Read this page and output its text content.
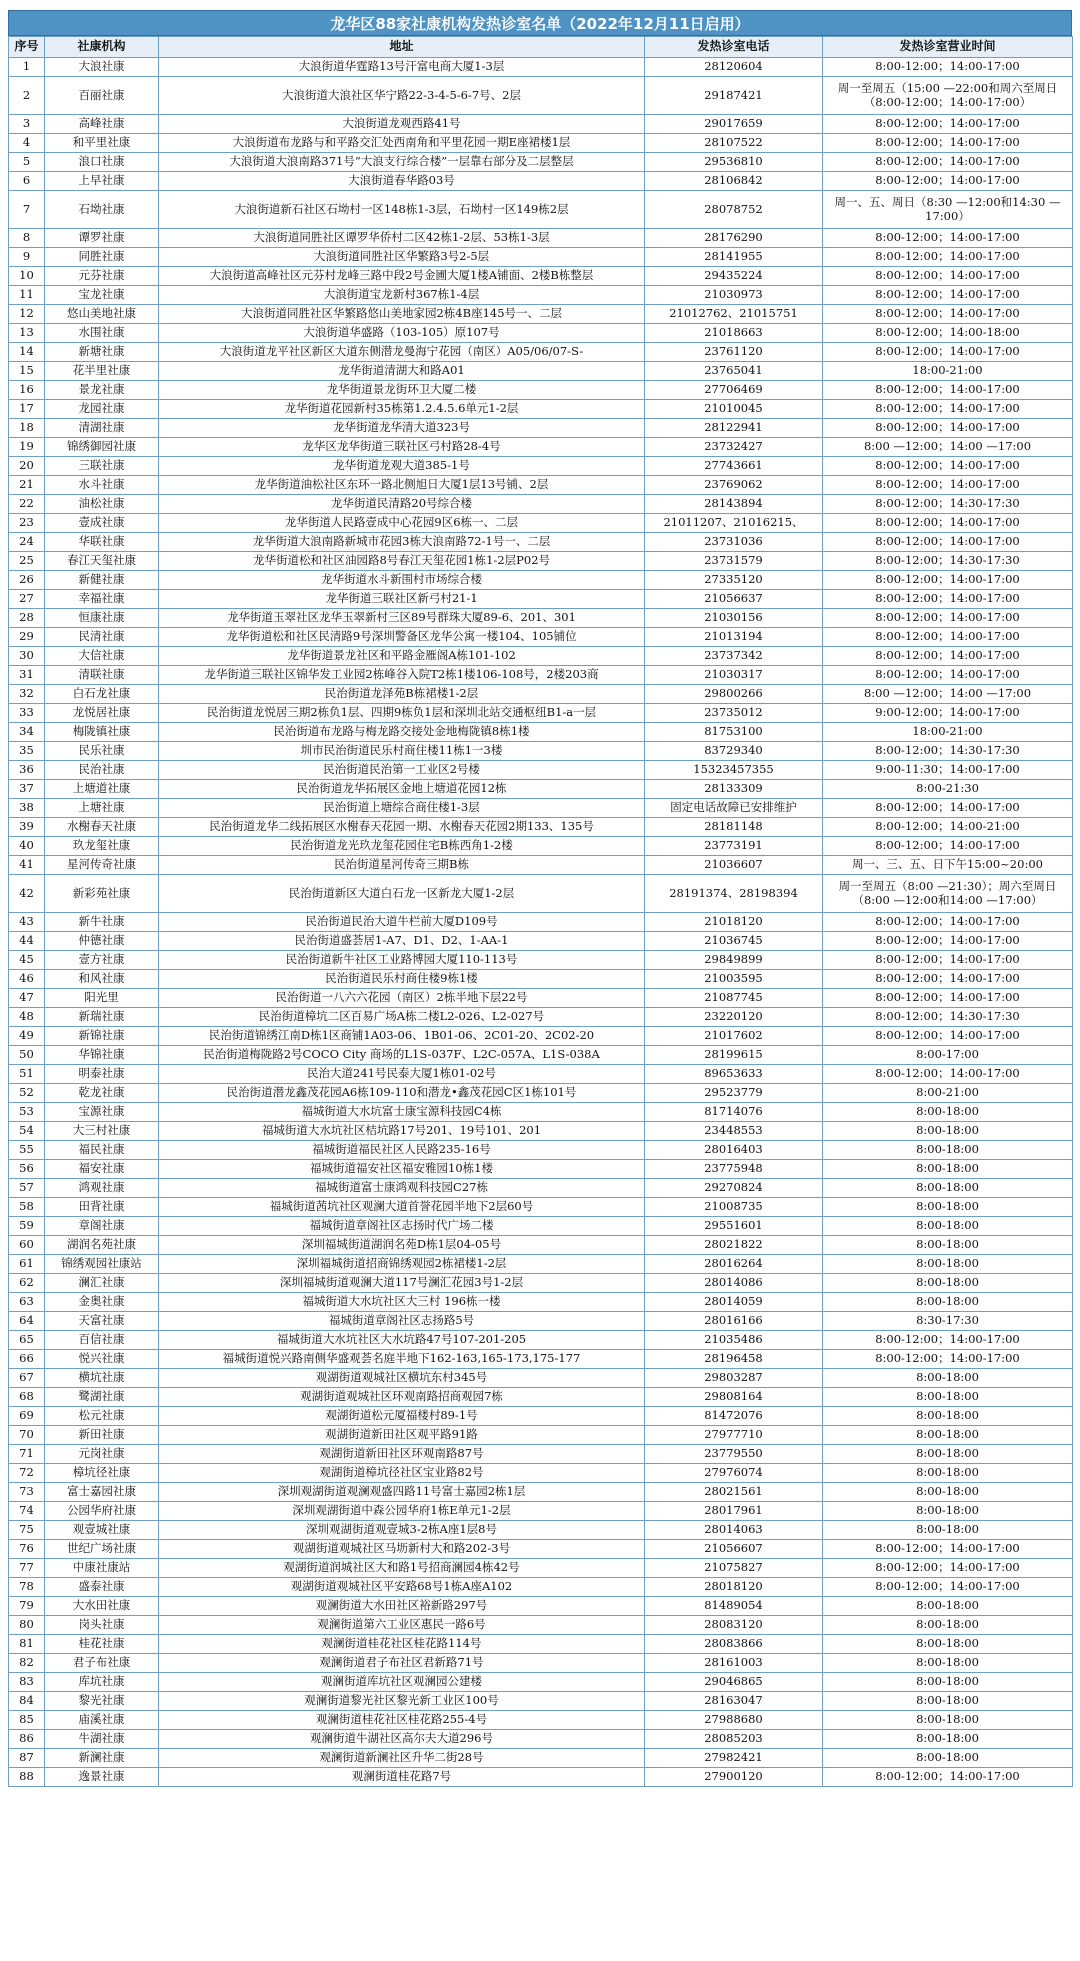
龙华区88家社康机构发热诊室名单（2022年12月11日启用）
序号	社康机构	地址	发热诊室电话	发热诊室营业时间
1	大浪社康	大浪街道华霆路13号汗富电商大厦1-3层	28120604	8:00-12:00；14:00-17:00
2	百丽社康	大浪街道大浪社区华宁路22-3-4-5-6-7号、2层	29187421	周一至周五（15:00 —22:00和周六至周日（8:00-12:00；14:00-17:00）
3	高峰社康	大浪街道龙观西路41号	29017659	8:00-12:00；14:00-17:00
4	和平里社康	大浪街道布龙路与和平路交汇处西南角和平里花园一期E座裙楼1层	28107522	8:00-12:00；14:00-17:00
5	浪口社康	大浪街道大浪南路371号“大浪支行综合楼”一层靠右部分及二层整层	29536810	8:00-12:00；14:00-17:00
6	上早社康	大浪街道春华路03号	28106842	8:00-12:00；14:00-17:00
7	石坳社康	大浪街道新石社区石坳村一区148栋1-3层，石坳村一区149栋2层	28078752	周一、五、周日（8:30 —12:00和14:30 —17:00）
8	谭罗社康	大浪街道同胜社区谭罗华侨村二区42栋1-2层、53栋1-3层	28176290	8:00-12:00；14:00-17:00
9	同胜社康	大浪街道同胜社区华繁路3号2-5层	28141955	8:00-12:00；14:00-17:00
10	元芬社康	大浪街道高峰社区元芬村龙峰三路中段2号金圃大厦1楼A铺面、2楼B栋整层	29435224	8:00-12:00；14:00-17:00
11	宝龙社康	大浪街道宝龙新村367栋1-4层	21030973	8:00-12:00；14:00-17:00
12	悠山美地社康	大浪街道同胜社区华繁路悠山美地家园2栋4B座145号一、二层	21012762、21015751	8:00-12:00；14:00-17:00
13	水围社康	大浪街道华盛路（103-105）原107号	21018663	8:00-12:00；14:00-18:00
14	新塘社康	大浪街道龙平社区新区大道东侧潜龙曼海宁花园（南区）A05/06/07-S-	23761120	8:00-12:00；14:00-17:00
15	花半里社康	龙华街道清湖大和路A01	23765041	18:00-21:00
16	景龙社康	龙华街道景龙街环卫大厦二楼	27706469	8:00-12:00；14:00-17:00
17	龙园社康	龙华街道花园新村35栋第1.2.4.5.6单元1-2层	21010045	8:00-12:00；14:00-17:00
18	清湖社康	龙华街道龙华清大道323号	28122941	8:00-12:00；14:00-17:00
19	锦绣御园社康	龙华区龙华街道三联社区弓村路28-4号	23732427	8:00 —12:00；14:00 —17:00
20	三联社康	龙华街道龙观大道385-1号	27743661	8:00-12:00；14:00-17:00
21	水斗社康	龙华街道油松社区东环一路北侧旭日大厦1层13号铺、2层	23769062	8:00-12:00；14:00-17:00
22	油松社康	龙华街道民清路20号综合楼	28143894	8:00-12:00；14:30-17:30
23	壹成社康	龙华街道人民路壹成中心花园9区6栋一、二层	21011207、21016215、	8:00-12:00；14:00-17:00
24	华联社康	龙华街道大浪南路新城市花园3栋大浪南路72-1号一、二层	23731036	8:00-12:00；14:00-17:00
25	春江天玺社康	龙华街道松和社区油园路8号春江天玺花园1栋1-2层P02号	23731579	8:00-12:00；14:30-17:30
26	新健社康	龙华街道水斗新围村市场综合楼	27335120	8:00-12:00；14:00-17:00
27	幸福社康	龙华街道三联社区新弓村21-1	21056637	8:00-12:00；14:00-17:00
28	恒康社康	龙华街道玉翠社区龙华玉翠新村三区89号群珠大厦89-6、201、301	21030156	8:00-12:00；14:00-17:00
29	民清社康	龙华街道松和社区民清路9号深圳警备区龙华公寓一楼104、105铺位	21013194	8:00-12:00；14:00-17:00
30	大信社康	龙华街道景龙社区和平路金雁阁A栋101-102	23737342	8:00-12:00；14:00-17:00
31	清联社康	龙华街道三联社区锦华发工业园2栋峰谷入院T2栋1楼106-108号，2楼203商	21030317	8:00-12:00；14:00-17:00
32	白石龙社康	民治街道龙泽苑B栋裙楼1-2层	29800266	8:00 —12:00；14:00 —17:00
33	龙悦居社康	民治街道龙悦居三期2栋负1层、四期9栋负1层和深圳北站交通枢纽B1-a一层	23735012	9:00-12:00；14:00-17:00
34	梅陇镇社康	民治街道布龙路与梅龙路交接处金地梅陇镇8栋1楼	81753100	18:00-21:00
35	民乐社康	圳市民治街道民乐村商住楼11栋1一3楼	83729340	8:00-12:00；14:30-17:30
36	民治社康	民治街道民治第一工业区2号楼	15323457355	9:00-11:30；14:00-17:00
37	上塘道社康	民治街道龙华拓展区金地上塘道花园12栋	28133309	8:00-21:30
38	上塘社康	民治街道上塘综合商住楼1-3层	固定电话故障已安排维护	8:00-12:00；14:00-17:00
39	水榭春天社康	民治街道龙华二线拓展区水榭春天花园一期、水榭春天花园2期133、135号	28181148	8:00-12:00；14:00-21:00
40	玖龙玺社康	民治街道龙光玖龙玺花园住宅B栋西角1-2楼	23773191	8:00-12:00；14:00-17:00
41	星河传奇社康	民治街道星河传奇三期B栋	21036607	周一、三、五、日下午15:00~20:00
42	新彩苑社康	民治街道新区大道白石龙一区新龙大厦1-2层	28191374、28198394	周一至周五（8:00 —21:30）；周六至周日（8:00 —12:00和14:00 —17:00）
43	新牛社康	民治街道民治大道牛栏前大厦D109号	21018120	8:00-12:00；14:00-17:00
44	仲德社康	民治街道盛荟居1-A7、D1、D2、1-AA-1	21036745	8:00-12:00；14:00-17:00
45	壹方社康	民治街道新牛社区工业路博园大厦110-113号	29849899	8:00-12:00；14:00-17:00
46	和风社康	民治街道民乐村商住楼9栋1楼	21003595	8:00-12:00；14:00-17:00
47	阳光里	民治街道一八六六花园（南区）2栋半地下层22号	21087745	8:00-12:00；14:00-17:00
48	新瑞社康	民治街道樟坑二区百易广场A栋二楼L2-026、L2-027号	23220120	8:00-12:00；14:30-17:30
49	新锦社康	民治街道锦绣江南D栋1区商铺1A03-06、1B01-06、2C01-20、2C02-20	21017602	8:00-12:00；14:00-17:00
50	华锦社康	民治街道梅陇路2号COCO City 商场的L1S-037F、L2C-057A、L1S-038A	28199615	8:00-17:00
51	明泰社康	民治大道241号民泰大厦1栋01-02号	89653633	8:00-12:00；14:00-17:00
52	乾龙社康	民治街道潜龙鑫茂花园A6栋109-110和潜龙•鑫茂花园C区1栋101号	29523779	8:00-21:00
53	宝源社康	福城街道大水坑富士康宝源科技园C4栋	81714076	8:00-18:00
54	大三村社康	福城街道大水坑社区桔坑路17号201、19号101、201	23448553	8:00-18:00
55	福民社康	福城街道福民社区人民路235-16号	28016403	8:00-18:00
56	福安社康	福城街道福安社区福安雅园10栋1楼	23775948	8:00-18:00
57	鸿观社康	福城街道富士康鸿观科技园C27栋	29270824	8:00-18:00
58	田背社康	福城街道茜坑社区观澜大道首誉花园半地下2层60号	21008735	8:00-18:00
59	章阁社康	福城街道章阁社区志扬时代广场二楼	29551601	8:00-18:00
60	湖润名苑社康	深圳福城街道湖润名苑D栋1层04-05号	28021822	8:00-18:00
61	锦绣观园社康站	深圳福城街道招商锦绣观园2栋裙楼1-2层	28016264	8:00-18:00
62	澜汇社康	深圳福城街道观澜大道117号澜汇花园3号1-2层	28014086	8:00-18:00
63	金奥社康	福城街道大水坑社区大三村 196栋一楼	28014059	8:00-18:00
64	天富社康	福城街道章阁社区志扬路5号	28016166	8:30-17:30
65	百信社康	福城街道大水坑社区大水坑路47号107-201-205	21035486	8:00-12:00；14:00-17:00
66	悦兴社康	福城街道悦兴路南侧华盛观荟名庭半地下162-163,165-173,175-177	28196458	8:00-12:00；14:00-17:00
67	横坑社康	观湖街道观城社区横坑东村345号	29803287	8:00-18:00
68	鹭湖社康	观湖街道观城社区环观南路招商观园7栋	29808164	8:00-18:00
69	松元社康	观湖街道松元厦福楼村89-1号	81472076	8:00-18:00
70	新田社康	观湖街道新田社区观平路91路	27977710	8:00-18:00
71	元岗社康	观湖街道新田社区环观南路87号	23779550	8:00-18:00
72	樟坑径社康	观湖街道樟坑径社区宝业路82号	27976074	8:00-18:00
73	富士嘉园社康	深圳观湖街道观澜观盛四路11号富士嘉园2栋1层	28021561	8:00-18:00
74	公园华府社康	深圳观湖街道中森公园华府1栋E单元1-2层	28017961	8:00-18:00
75	观壹城社康	深圳观湖街道观壹城3-2栋A座1层8号	28014063	8:00-18:00
76	世纪广场社康	观湖街道观城社区马坜新村大和路202-3号	21056607	8:00-12:00；14:00-17:00
77	中康社康站	观湖街道润城社区大和路1号招商澜园4栋42号	21075827	8:00-12:00；14:00-17:00
78	盛泰社康	观湖街道观城社区平安路68号1栋A座A102	28018120	8:00-12:00；14:00-17:00
79	大水田社康	观澜街道大水田社区裕新路297号	81489054	8:00-18:00
80	岗头社康	观澜街道第六工业区惠民一路6号	28083120	8:00-18:00
81	桂花社康	观澜街道桂花社区桂花路114号	28083866	8:00-18:00
82	君子布社康	观澜街道君子布社区君新路71号	28161003	8:00-18:00
83	库坑社康	观澜街道库坑社区观澜园公建楼	29046865	8:00-18:00
84	黎光社康	观澜街道黎光社区黎光新工业区100号	28163047	8:00-18:00
85	庙溪社康	观澜街道桂花社区桂花路255-4号	27988680	8:00-18:00
86	牛湖社康	观澜街道牛湖社区高尔夫大道296号	28085203	8:00-18:00
87	新澜社康	观澜街道新澜社区升华二街28号	27982421	8:00-18:00
88	逸景社康	观澜街道桂花路7号	27900120	8:00-12:00；14:00-17:00
